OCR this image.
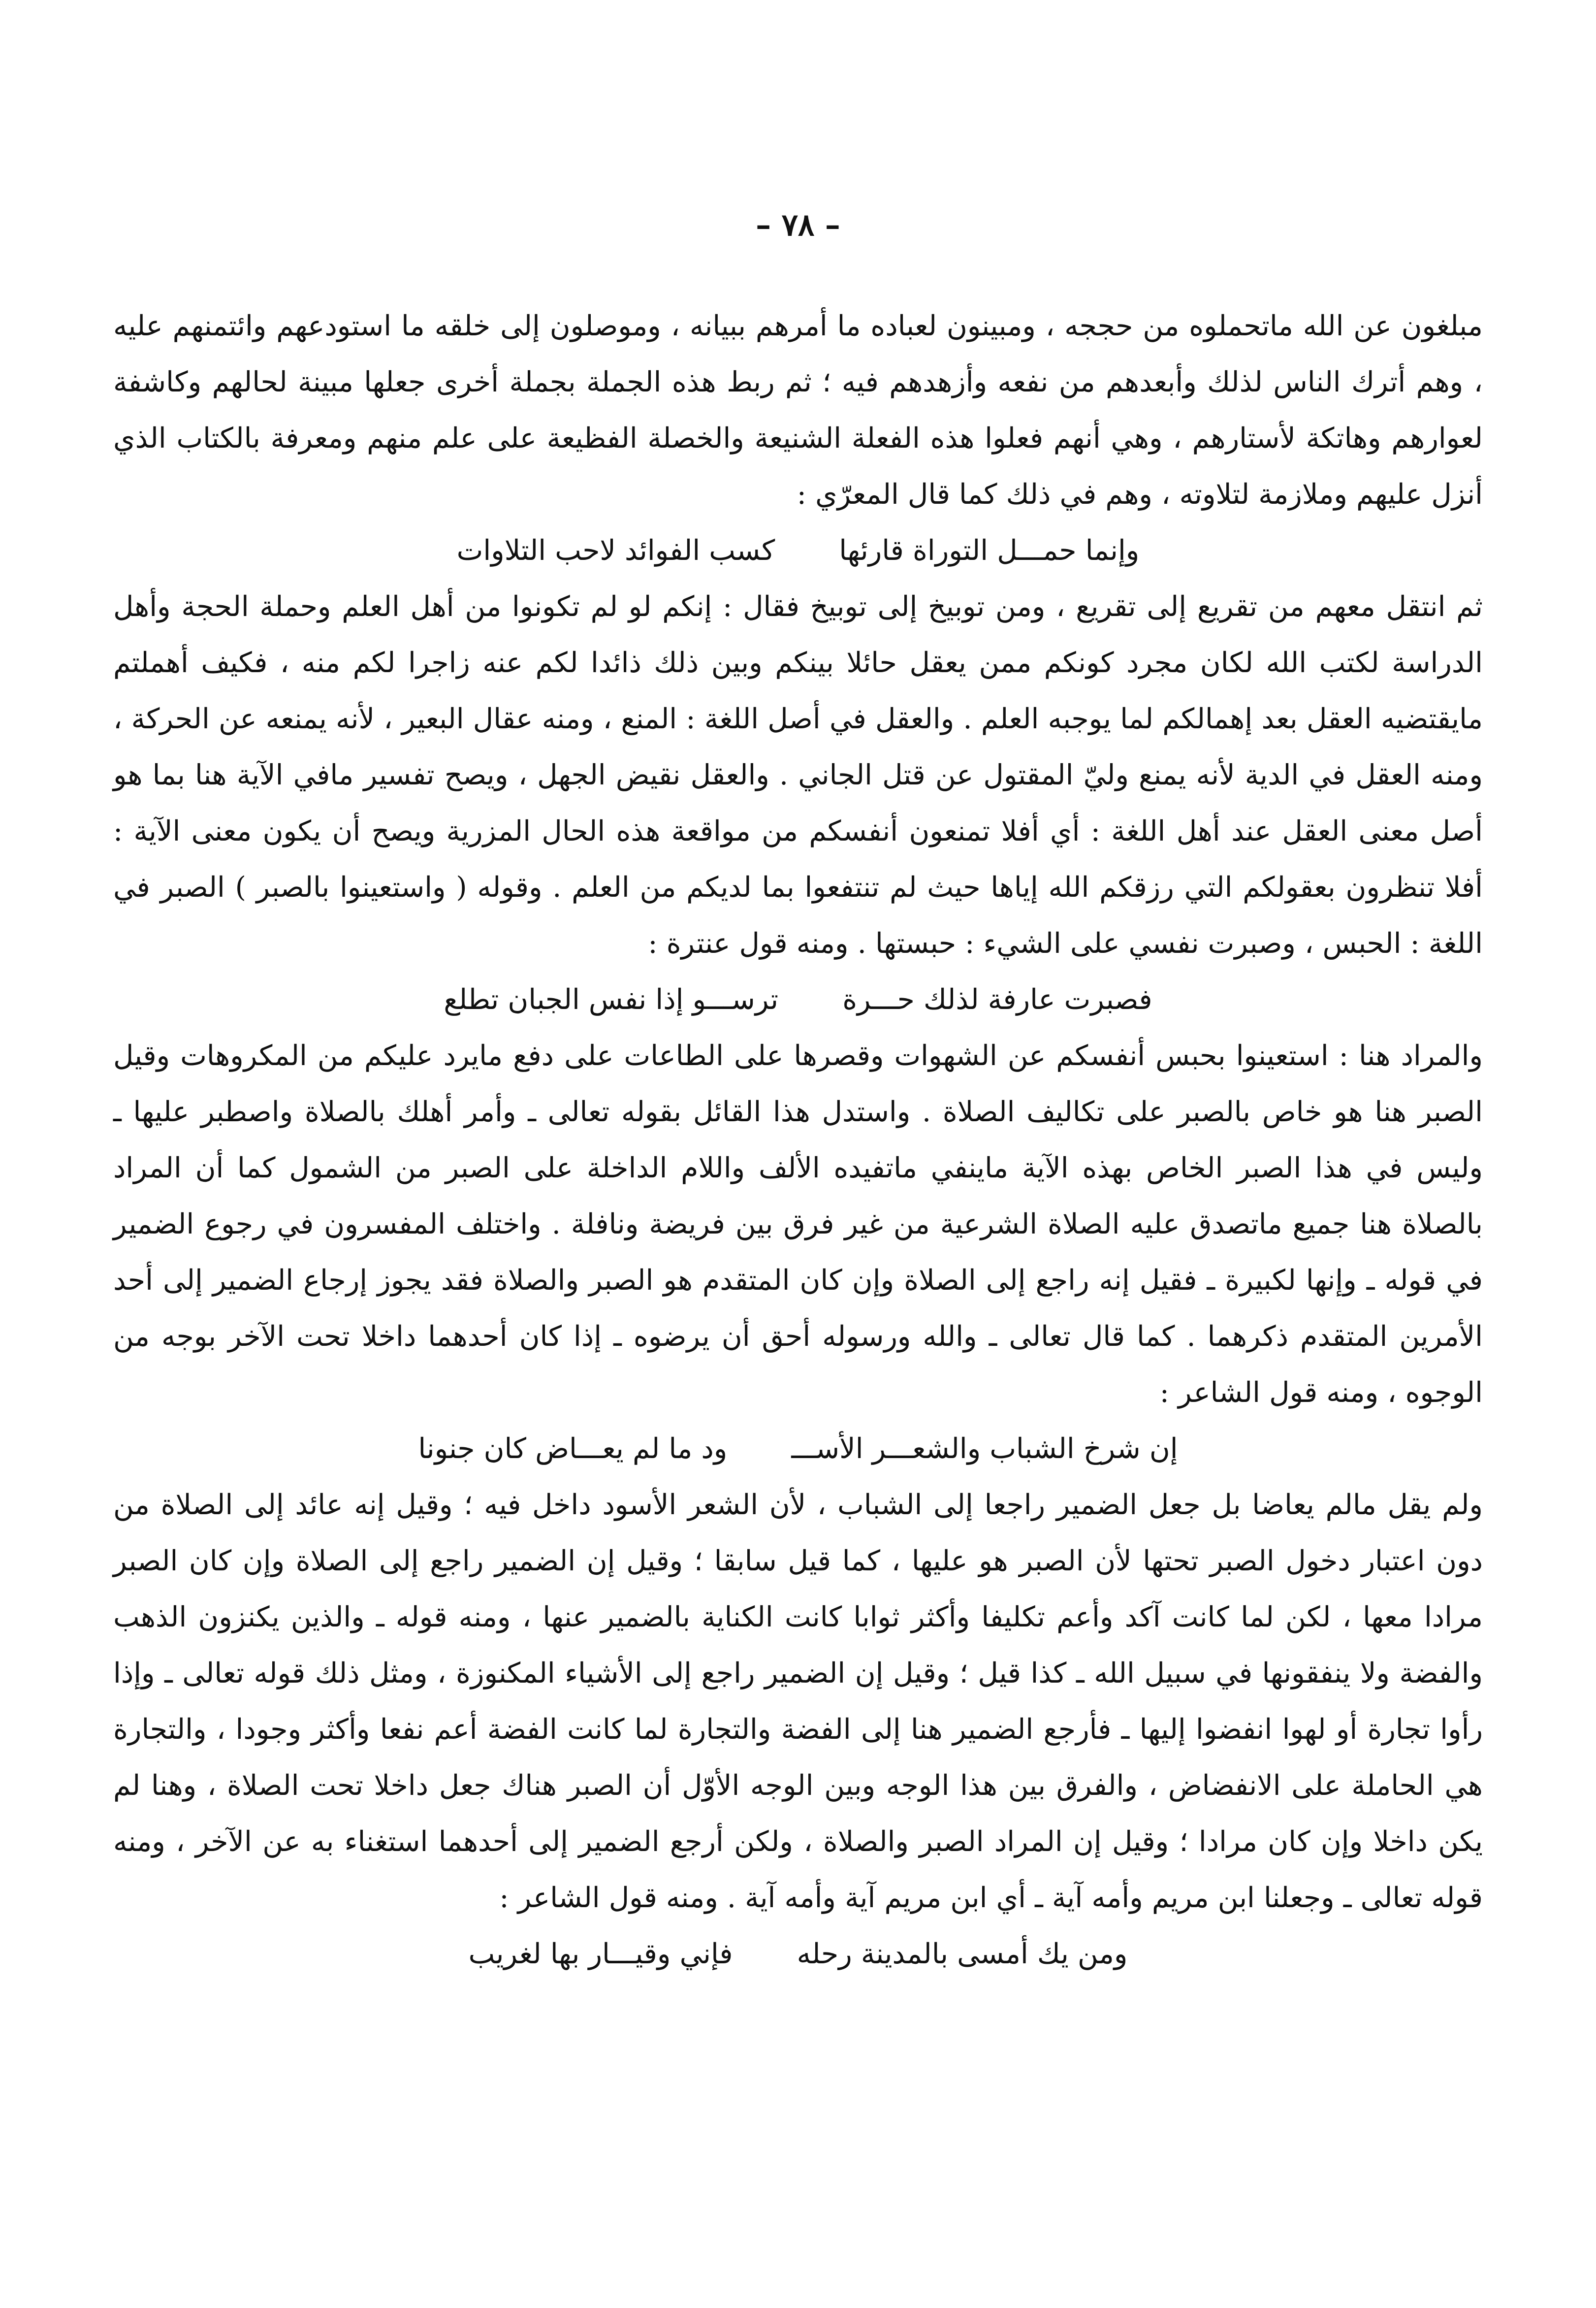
– ٧٨ –

مبلغون عن الله ماتحملوه من حججه ، ومبينون لعباده ما أمرهم ببيانه ، وموصلون إلى خلقه ما استودعهم وائتمنهم عليه ، وهم أترك الناس لذلك وأبعدهم من نفعه وأزهدهم فيه ؛ ثم ربط هذه الجملة بجملة أخرى جعلها مبينة لحالهم وكاشفة لعوارهم وهاتكة لأستارهم ، وهي أنهم فعلوا هذه الفعلة الشنيعة والخصلة الفظيعة على علم منهم ومعرفة بالكتاب الذي أنزل عليهم وملازمة لتلاوته ، وهم في ذلك كما قال المعرّي :

وإنما حمـــل التوراة قارئها
كسب الفوائد لاحب التلاوات

ثم انتقل معهم من تقريع إلى تقريع ، ومن توبيخ إلى توبيخ فقال : إنكم لو لم تكونوا من أهل العلم وحملة الحجة وأهل الدراسة لكتب الله لكان مجرد كونكم ممن يعقل حائلا بينكم وبين ذلك ذائدا لكم عنه زاجرا لكم منه ، فكيف أهملتم مايقتضيه العقل بعد إهمالكم لما يوجبه العلم . والعقل في أصل اللغة : المنع ، ومنه عقال البعير ، لأنه يمنعه عن الحركة ، ومنه العقل في الدية لأنه يمنع وليّ المقتول عن قتل الجاني . والعقل نقيض الجهل ، ويصح تفسير مافي الآية هنا بما هو أصل معنى العقل عند أهل اللغة : أي أفلا تمنعون أنفسكم من مواقعة هذه الحال المزرية ويصح أن يكون معنى الآية : أفلا تنظرون بعقولكم التي رزقكم الله إياها حيث لم تنتفعوا بما لديكم من العلم . وقوله ( واستعينوا بالصبر ) الصبر في اللغة : الحبس ، وصبرت نفسي على الشيء : حبستها . ومنه قول عنترة :

فصبرت عارفة لذلك حـــرة
ترســـو إذا نفس الجبان تطلع

والمراد هنا : استعينوا بحبس أنفسكم عن الشهوات وقصرها على الطاعات على دفع مايرد عليكم من المكروهات وقيل الصبر هنا هو خاص بالصبر على تكاليف الصلاة . واستدل هذا القائل بقوله تعالى ـ وأمر أهلك بالصلاة واصطبر عليها ـ وليس في هذا الصبر الخاص بهذه الآية ماينفي ماتفيده الألف واللام الداخلة على الصبر من الشمول كما أن المراد بالصلاة هنا جميع ماتصدق عليه الصلاة الشرعية من غير فرق بين فريضة ونافلة . واختلف المفسرون في رجوع الضمير في قوله ـ وإنها لكبيرة ـ فقيل إنه راجع إلى الصلاة وإن كان المتقدم هو الصبر والصلاة فقد يجوز إرجاع الضمير إلى أحد الأمرين المتقدم ذكرهما . كما قال تعالى ـ والله ورسوله أحق أن يرضوه ـ إذا كان أحدهما داخلا تحت الآخر بوجه من الوجوه ، ومنه قول الشاعر :

إن شرخ الشباب والشعـــر الأســـ
ود ما لم يعـــاض كان جنونا

ولم يقل مالم يعاضا بل جعل الضمير راجعا إلى الشباب ، لأن الشعر الأسود داخل فيه ؛ وقيل إنه عائد إلى الصلاة من دون اعتبار دخول الصبر تحتها لأن الصبر هو عليها ، كما قيل سابقا ؛ وقيل إن الضمير راجع إلى الصلاة وإن كان الصبر مرادا معها ، لكن لما كانت آكد وأعم تكليفا وأكثر ثوابا كانت الكناية بالضمير عنها ، ومنه قوله ـ والذين يكنزون الذهب والفضة ولا ينفقونها في سبيل الله ـ كذا قيل ؛ وقيل إن الضمير راجع إلى الأشياء المكنوزة ، ومثل ذلك قوله تعالى ـ وإذا رأوا تجارة أو لهوا انفضوا إليها ـ فأرجع الضمير هنا إلى الفضة والتجارة لما كانت الفضة أعم نفعا وأكثر وجودا ، والتجارة هي الحاملة على الانفضاض ، والفرق بين هذا الوجه وبين الوجه الأوّل أن الصبر هناك جعل داخلا تحت الصلاة ، وهنا لم يكن داخلا وإن كان مرادا ؛ وقيل إن المراد الصبر والصلاة ، ولكن أرجع الضمير إلى أحدهما استغناء به عن الآخر ، ومنه قوله تعالى ـ وجعلنا ابن مريم وأمه آية ـ أي ابن مريم آية وأمه آية . ومنه قول الشاعر :

ومن يك أمسى بالمدينة رحله
فإني وقيـــار بها لغريب
